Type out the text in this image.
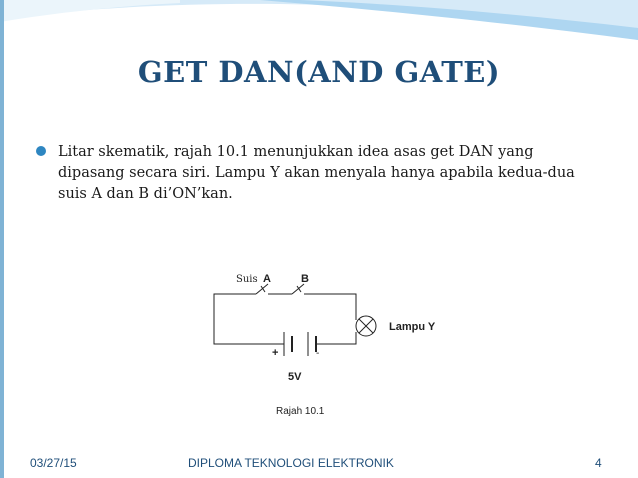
GET DAN(AND GATE)
Litar skematik, rajah 10.1 menunjukkan idea asas get DAN yang dipasang secara siri. Lampu Y akan menyala hanya apabila kedua-dua suis A dan B di’ON’kan.
Suis A	B
Lampu Y
+	-
5V
Rajah 10.1
03/27/15	DIPLOMA TEKNOLOGI ELEKTRONIK	4
